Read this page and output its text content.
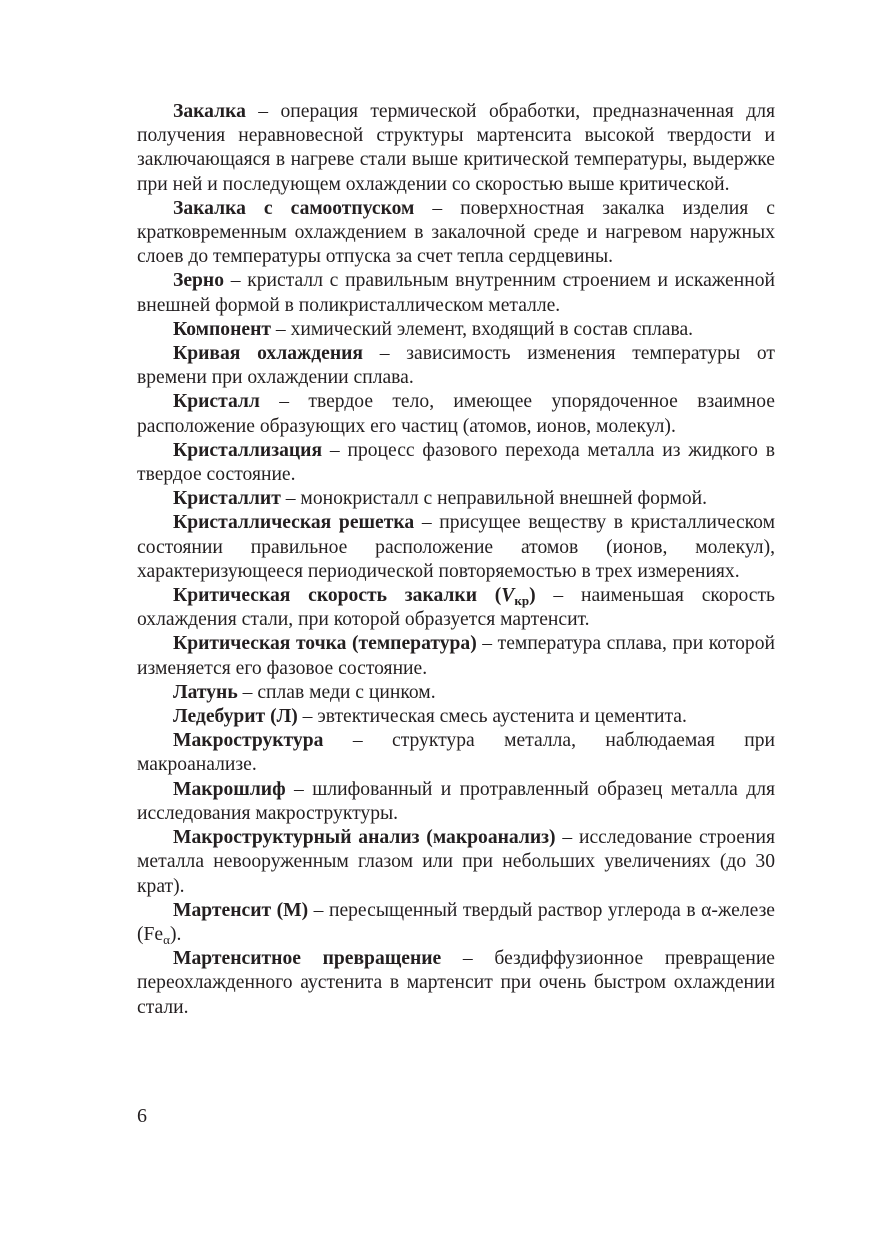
Закалка – операция термической обработки, предназначенная для получения неравновесной структуры мартенсита высокой твердости и заключающаяся в нагреве стали выше критической температуры, выдержке при ней и последующем охлаждении со скоростью выше критической.

Закалка с самоотпуском – поверхностная закалка изделия с кратковременным охлаждением в закалочной среде и нагревом наружных слоев до температуры отпуска за счет тепла сердцевины.

Зерно – кристалл с правильным внутренним строением и искаженной внешней формой в поликристаллическом металле.

Компонент – химический элемент, входящий в состав сплава.

Кривая охлаждения – зависимость изменения температуры от времени при охлаждении сплава.

Кристалл – твердое тело, имеющее упорядоченное взаимное расположение образующих его частиц (атомов, ионов, молекул).

Кристаллизация – процесс фазового перехода металла из жидкого в твердое состояние.

Кристаллит – монокристалл с неправильной внешней формой.

Кристаллическая решетка – присущее веществу в кристаллическом состоянии правильное расположение атомов (ионов, молекул), характеризующееся периодической повторяемостью в трех измерениях.

Критическая скорость закалки $(V_{кр})$ – наименьшая скорость охлаждения стали, при которой образуется мартенсит.

Критическая точка (температура) – температура сплава, при которой изменяется его фазовое состояние.

Латунь – сплав меди с цинком.

Ледебурит (Л) – эвтектическая смесь аустенита и цементита.

Макроструктура – структура металла, наблюдаемая при макроанализе.

Макрошлиф – шлифованный и протравленный образец металла для исследования макроструктуры.

Макроструктурный анализ (макроанализ) – исследование строения металла невооруженным глазом или при небольших увеличениях (до 30 крат).

Мартенсит (М) – пересыщенный твердый раствор углерода в α-железе $(Fe_\alpha)$.

Мартенситное превращение – бездиффузионное превращение переохлажденного аустенита в мартенсит при очень быстром охлаждении стали.

6
